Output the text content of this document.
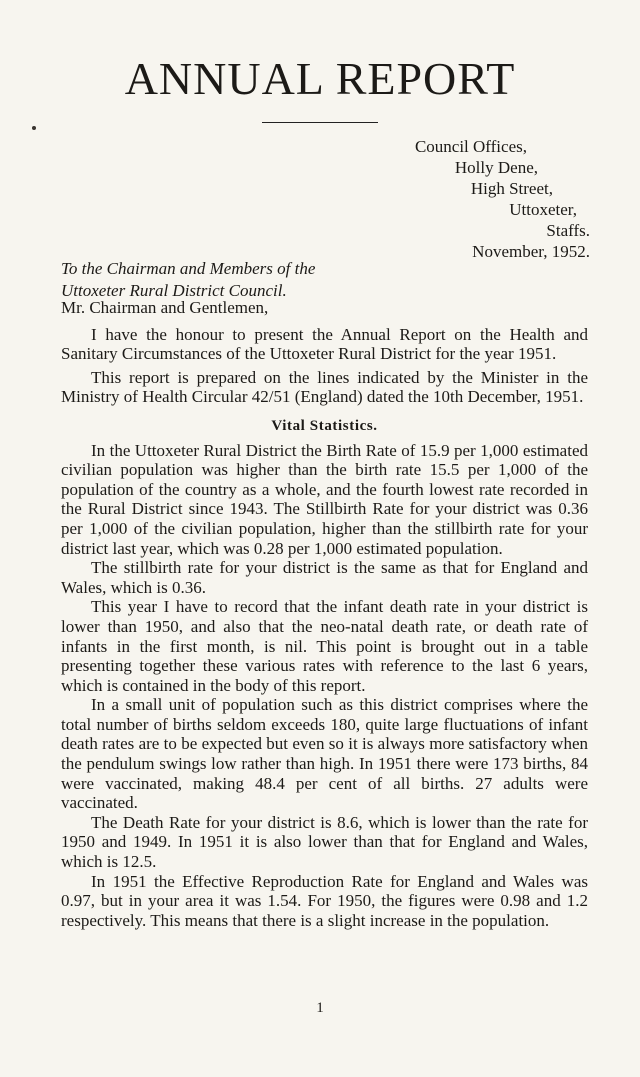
ANNUAL REPORT
Council Offices,
Holly Dene,
High Street,
Uttoxeter,
Staffs.
November, 1952.
To the Chairman and Members of the
Uttoxeter Rural District Council.

Mr. Chairman and Gentlemen,

I have the honour to present the Annual Report on the Health and Sanitary Circumstances of the Uttoxeter Rural District for the year 1951.

This report is prepared on the lines indicated by the Minister in the Ministry of Health Circular 42/51 (England) dated the 10th December, 1951.

Vital Statistics.

In the Uttoxeter Rural District the Birth Rate of 15.9 per 1,000 estimated civilian population was higher than the birth rate 15.5 per 1,000 of the population of the country as a whole, and the fourth lowest rate recorded in the Rural District since 1943. The Stillbirth Rate for your district was 0.36 per 1,000 of the civilian population, higher than the stillbirth rate for your district last year, which was 0.28 per 1,000 estimated population.

The stillbirth rate for your district is the same as that for England and Wales, which is 0.36.

This year I have to record that the infant death rate in your district is lower than 1950, and also that the neo-natal death rate, or death rate of infants in the first month, is nil. This point is brought out in a table presenting together these various rates with reference to the last 6 years, which is contained in the body of this report.

In a small unit of population such as this district comprises where the total number of births seldom exceeds 180, quite large fluctuations of infant death rates are to be expected but even so it is always more satisfactory when the pendulum swings low rather than high. In 1951 there were 173 births, 84 were vaccinated, making 48.4 per cent of all births. 27 adults were vaccinated.

The Death Rate for your district is 8.6, which is lower than the rate for 1950 and 1949. In 1951 it is also lower than that for England and Wales, which is 12.5.

In 1951 the Effective Reproduction Rate for England and Wales was 0.97, but in your area it was 1.54. For 1950, the figures were 0.98 and 1.2 respectively. This means that there is a slight increase in the population.

1
